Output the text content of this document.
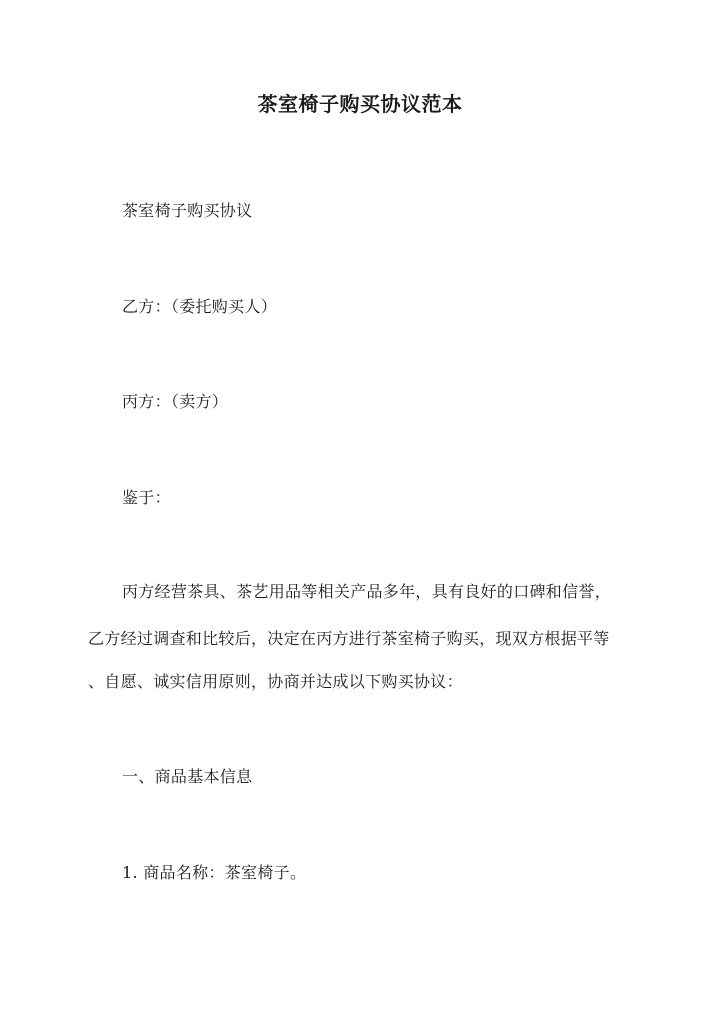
茶室椅子购买协议范本
茶室椅子购买协议
乙方：（委托购买人）
丙方：（卖方）
鉴于：
丙方经营茶具、茶艺用品等相关产品多年，具有良好的口碑和信誉，
乙方经过调查和比较后，决定在丙方进行茶室椅子购买，现双方根据平等
、自愿、诚实信用原则，协商并达成以下购买协议：
一、商品基本信息
1. 商品名称：茶室椅子。
